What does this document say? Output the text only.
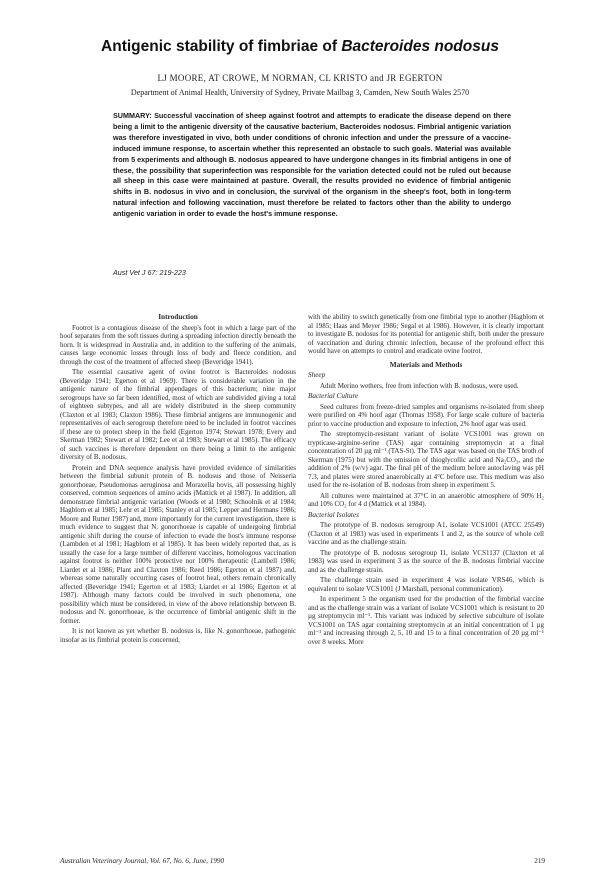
Antigenic stability of fimbriae of Bacteroides nodosus
LJ MOORE, AT CROWE, M NORMAN, CL KRISTO and JR EGERTON
Department of Animal Health, University of Sydney, Private Mailbag 3, Camden, New South Wales 2570
SUMMARY: Successful vaccination of sheep against footrot and attempts to eradicate the disease depend on there being a limit to the antigenic diversity of the causative bacterium, Bacteroides nodosus. Fimbrial antigenic variation was therefore investigated in vivo, both under conditions of chronic infection and under the pressure of a vaccine-induced immune response, to ascertain whether this represented an obstacle to such goals. Material was available from 5 experiments and although B. nodosus appeared to have undergone changes in its fimbrial antigens in one of these, the possibility that superinfection was responsible for the variation detected could not be ruled out because all sheep in this case were maintained at pasture. Overall, the results provided no evidence of fimbrial antigenic shifts in B. nodosus in vivo and in conclusion, the survival of the organism in the sheep's foot, both in long-term natural infection and following vaccination, must therefore be related to factors other than the ability to undergo antigenic variation in order to evade the host's immune response.
Aust Vet J 67: 219-223

Introduction

Footrot is a contagious disease of the sheep's foot in which a large part of the hoof separates from the soft tissues during a spreading infection directly beneath the horn. It is widespread in Australia and, in addition to the suffering of the animals, causes large economic losses through loss of body and fleece condition, and through the cost of the treatment of affected sheep (Beveridge 1941).

The essential causative agent of ovine footrot is Bacteroides nodosus (Beveridge 1941; Egerton et al 1969). There is considerable variation in the antigenic nature of the fimbrial appendages of this bacterium; nine major serogroups have so far been identified, most of which are subdivided giving a total of eighteen subtypes, and all are widely distributed in the sheep community (Claxton et al 1983; Claxton 1986). These fimbrial antigens are immunogenic and representatives of each serogroup therefore need to be included in footrot vaccines if these are to protect sheep in the field (Egerton 1974; Stewart 1978; Every and Skerman 1982; Stewart et al 1982; Lee et al 1983; Stewart et al 1985). The efficacy of such vaccines is therefore dependent on there being a limit to the antigenic diversity of B. nodosus.

Protein and DNA sequence analysis have provided evidence of similarities between the fimbrial subunit protein of B. nodosus and those of Neisseria gonorrhoeae, Pseudomonas aeruginosa and Moraxella bovis, all possessing highly conserved, common sequences of amino acids (Mattick et al 1987). In addition, all demonstrate fimbrial antigenic variation (Woods et al 1980; Schoolnik et al 1984; Hagblom et al 1985; Lehr et al 1985; Stanley et al 1985; Lepper and Hermans 1986; Moore and Rutter 1987) and, more importantly for the current investigation, there is much evidence to suggest that N. gonorrhoeae is capable of undergoing fimbrial antigenic shift during the course of infection to evade the host's immune response (Lambden et al 1981; Hagblom et al 1985). It has been widely reported that, as is usually the case for a large number of different vaccines, homologous vaccination against footrot is neither 100% protective nor 100% therapeutic (Lambell 1986; Liardet et al 1986; Plant and Claxton 1986; Reed 1986; Egerton et al 1987) and, whereas some naturally occurring cases of footrot heal, others remain chronically affected (Beveridge 1941; Egerton et al 1983; Liardet et al 1986; Egerton et al 1987). Although many factors could be involved in such phenomena, one possibility which must be considered, in view of the above relationship between B. nodosus and N. gonorrhoeae, is the occurrence of fimbrial antigenic shift in the former.

It is not known as yet whether B. nodosus is, like N. gonorrhoeae, pathogenic insofar as its fimbrial protein is concerned,

with the ability to switch genetically from one fimbrial type to another (Hagblom et al 1985; Haas and Meyer 1986; Segal et al 1986). However, it is clearly important to investigate B. nodosus for its potential for antigenic shift, both under the pressure of vaccination and during chronic infection, because of the profound effect this would have on attempts to control and eradicate ovine footrot.

Materials and Methods

Sheep

Adult Merino wethers, free from infection with B. nodosus, were used.

Bacterial Culture

Seed cultures from freeze-dried samples and organisms re-isolated from sheep were purified on 4% hoof agar (Thomas 1958). For large scale culture of bacteria prior to vaccine production and exposure to infection, 2% hoof agar was used.

The streptomycin-resistant variant of isolate VCS1001 was grown on trypticase-arginine-serine (TAS) agar containing streptomycin at a final concentration of 20 µg ml⁻¹ (TAS-St). The TAS agar was based on the TAS broth of Skerman (1975) but with the omission of thioglycollic acid and Na₂CO₃, and the addition of 2% (w/v) agar. The final pH of the medium before autoclaving was pH 7.3, and plates were stored anaerobically at 4°C before use. This medium was also used for the re-isolation of B. nodosus from sheep in experiment 5.

All cultures were maintained at 37°C in an anaerobic atmosphere of 90% H₂ and 10% CO₂ for 4 d (Mattick et al 1984).

Bacterial Isolates

The prototype of B. nodosus serogroup A1, isolate VCS1001 (ATCC 25549) (Claxton et al 1983) was used in experiments 1 and 2, as the source of whole cell vaccine and as the challenge strain.

The prototype of B. nodosus serogroup I1, isolate VCS1137 (Claxton et al 1983) was used in experiment 3 as the source of the B. nodosus fimbrial vaccine and as the challenge strain.

The challenge strain used in experiment 4 was isolate VRS46, which is equivalent to isolate VCS1001 (J Marshall, personal communication).

In experiment 5 the organism used for the production of the fimbrial vaccine and as the challenge strain was a variant of isolate VCS1001 which is resistant to 20 µg streptomycin ml⁻¹. This variant was induced by selective subculture of isolate VCS1001 on TAS agar containing streptomycin at an initial concentration of 1 µg ml⁻¹ and increasing through 2, 5, 10 and 15 to a final concentration of 20 µg ml⁻¹ over 8 weeks. More

Australian Veterinary Journal, Vol. 67, No. 6, June, 1990	219
